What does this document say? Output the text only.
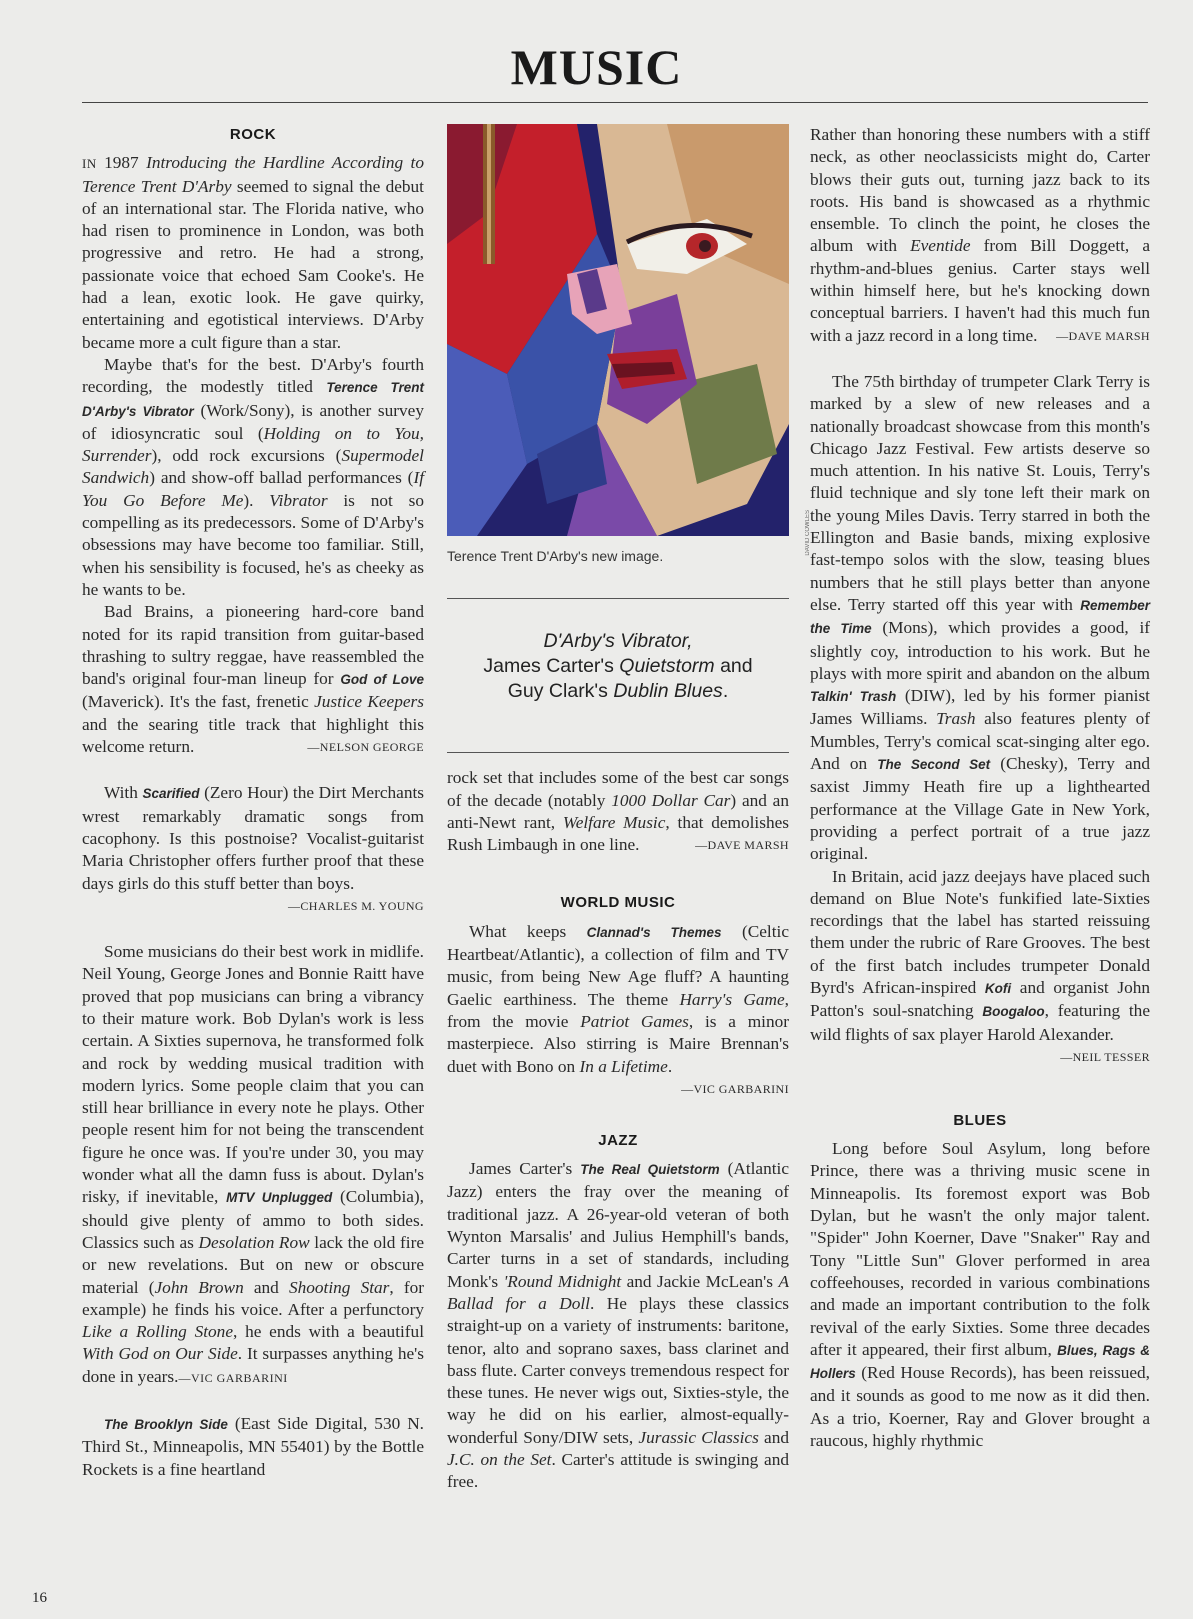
MUSIC
ROCK

IN 1987 Introducing the Hardline According to Terence Trent D'Arby seemed to signal the debut of an international star. The Florida native, who had risen to prominence in London, was both progressive and retro. He had a strong, passionate voice that echoed Sam Cooke's. He had a lean, exotic look. He gave quirky, entertaining and egotistical interviews. D'Arby became more a cult figure than a star.

Maybe that's for the best. D'Arby's fourth recording, the modestly titled Terence Trent D'Arby's Vibrator (Work/Sony), is another survey of idiosyncratic soul (Holding on to You, Surrender), odd rock excursions (Supermodel Sandwich) and show-off ballad performances (If You Go Before Me). Vibrator is not so compelling as its predecessors. Some of D'Arby's obsessions may have become too familiar. Still, when his sensibility is focused, he's as cheeky as he wants to be.

Bad Brains, a pioneering hard-core band noted for its rapid transition from guitar-based thrashing to sultry reggae, have reassembled the band's original four-man lineup for God of Love (Maverick). It's the fast, frenetic Justice Keepers and the searing title track that highlight this welcome return.	—NELSON GEORGE

With Scarified (Zero Hour) the Dirt Merchants wrest remarkably dramatic songs from cacophony. Is this postnoise? Vocalist-guitarist Maria Christopher offers further proof that these days girls do this stuff better than boys.

—CHARLES M. YOUNG

Some musicians do their best work in midlife. Neil Young, George Jones and Bonnie Raitt have proved that pop musicians can bring a vibrancy to their mature work. Bob Dylan's work is less certain. A Sixties supernova, he transformed folk and rock by wedding musical tradition with modern lyrics. Some people claim that you can still hear brilliance in every note he plays. Other people resent him for not being the transcendent figure he once was. If you're under 30, you may wonder what all the damn fuss is about. Dylan's risky, if inevitable, MTV Unplugged (Columbia), should give plenty of ammo to both sides. Classics such as Desolation Row lack the old fire or new revelations. But on new or obscure material (John Brown and Shooting Star, for example) he finds his voice. After a perfunctory Like a Rolling Stone, he ends with a beautiful With God on Our Side. It surpasses anything he's done in years.—VIC GARBARINI

The Brooklyn Side (East Side Digital, 530 N. Third St., Minneapolis, MN 55401) by the Bottle Rockets is a fine heartland

Terence Trent D'Arby's new image.
D'Arby's Vibrator,
James Carter's Quietstorm and
Guy Clark's Dublin Blues.

rock set that includes some of the best car songs of the decade (notably 1000 Dollar Car) and an anti-Newt rant, Welfare Music, that demolishes Rush Limbaugh in one line.	—DAVE MARSH

WORLD MUSIC

What keeps Clannad's Themes (Celtic Heartbeat/Atlantic), a collection of film and TV music, from being New Age fluff? A haunting Gaelic earthiness. The theme Harry's Game, from the movie Patriot Games, is a minor masterpiece. Also stirring is Maire Brennan's duet with Bono on In a Lifetime.
—VIC GARBARINI

JAZZ

James Carter's The Real Quietstorm (Atlantic Jazz) enters the fray over the meaning of traditional jazz. A 26-year-old veteran of both Wynton Marsalis' and Julius Hemphill's bands, Carter turns in a set of standards, including Monk's 'Round Midnight and Jackie McLean's A Ballad for a Doll. He plays these classics straight-up on a variety of instruments: baritone, tenor, alto and soprano saxes, bass clarinet and bass flute. Carter conveys tremendous respect for these tunes. He never wigs out, Sixties-style, the way he did on his earlier, almost-equally-wonderful Sony/DIW sets, Jurassic Classics and J.C. on the Set. Carter's attitude is swinging and free.

DAVID COWLES

Rather than honoring these numbers with a stiff neck, as other neoclassicists might do, Carter blows their guts out, turning jazz back to its roots. His band is showcased as a rhythmic ensemble. To clinch the point, he closes the album with Eventide from Bill Doggett, a rhythm-and-blues genius. Carter stays well within himself here, but he's knocking down conceptual barriers. I haven't had this much fun with a jazz record in a long time.	—DAVE MARSH

The 75th birthday of trumpeter Clark Terry is marked by a slew of new releases and a nationally broadcast showcase from this month's Chicago Jazz Festival. Few artists deserve so much attention. In his native St. Louis, Terry's fluid technique and sly tone left their mark on the young Miles Davis. Terry starred in both the Ellington and Basie bands, mixing explosive fast-tempo solos with the slow, teasing blues numbers that he still plays better than anyone else. Terry started off this year with Remember the Time (Mons), which provides a good, if slightly coy, introduction to his work. But he plays with more spirit and abandon on the album Talkin' Trash (DIW), led by his former pianist James Williams. Trash also features plenty of Mumbles, Terry's comical scat-singing alter ego. And on The Second Set (Chesky), Terry and saxist Jimmy Heath fire up a lighthearted performance at the Village Gate in New York, providing a perfect portrait of a true jazz original.

In Britain, acid jazz deejays have placed such demand on Blue Note's funkified late-Sixties recordings that the label has started reissuing them under the rubric of Rare Grooves. The best of the first batch includes trumpeter Donald Byrd's African-inspired Kofi and organist John Patton's soul-snatching Boogaloo, featuring the wild flights of sax player Harold Alexander.
—NEIL TESSER

BLUES

Long before Soul Asylum, long before Prince, there was a thriving music scene in Minneapolis. Its foremost export was Bob Dylan, but he wasn't the only major talent. "Spider" John Koerner, Dave "Snaker" Ray and Tony "Little Sun" Glover performed in area coffeehouses, recorded in various combinations and made an important contribution to the folk revival of the early Sixties. Some three decades after it appeared, their first album, Blues, Rags & Hollers (Red House Records), has been reissued, and it sounds as good to me now as it did then. As a trio, Koerner, Ray and Glover brought a raucous, highly rhythmic

16
